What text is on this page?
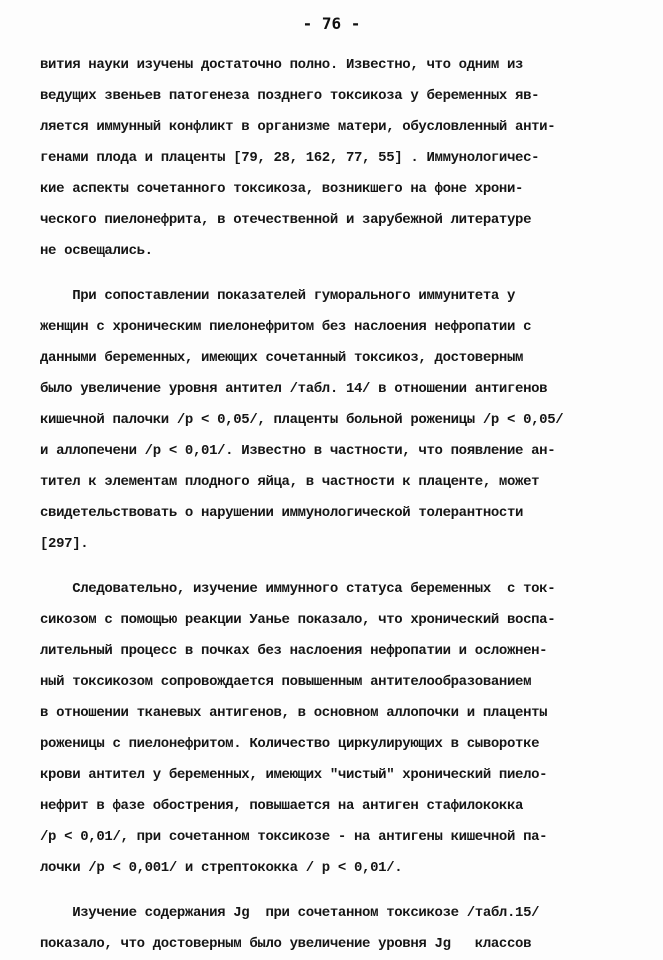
- 76 -
вития науки изучены достаточно полно. Известно, что одним из
ведущих звеньев патогенеза позднего токсикоза у беременных яв-
ляется иммунный конфликт в организме матери, обусловленный анти-
генами плода и плаценты [79, 28, 162, 77, 55] . Иммунологичес-
кие аспекты сочетанного токсикоза, возникшего на фоне хрони-
ческого пиелонефрита, в отечественной и зарубежной литературе
не освещались.
При сопоставлении показателей гуморального иммунитета у
женщин с хроническим пиелонефритом без наслоения нефропатии с
данными беременных, имеющих сочетанный токсикоз, достоверным
было увеличение уровня антител /табл. 14/ в отношении антигенов
кишечной палочки /р < 0,05/, плаценты больной роженицы /р < 0,05/
и аллопечени /р < 0,01/. Известно в частности, что появление ан-
тител к элементам плодного яйца, в частности к плаценте, может
свидетельствовать о нарушении иммунологической толерантности
[297].
Следовательно, изучение иммунного статуса беременных  с ток-
сикозом с помощью реакции Уанье показало, что хронический воспа-
лительный процесс в почках без наслоения нефропатии и осложнен-
ный токсикозом сопровождается повышенным антителообразованием
в отношении тканевых антигенов, в основном аллопочки и плаценты
роженицы с пиелонефритом. Количество циркулирующих в сыворотке
крови антител у беременных, имеющих "чистый" хронический пиело-
нефрит в фазе обострения, повышается на антиген стафилококка
/р < 0,01/, при сочетанном токсикозе - на антигены кишечной па-
лочки /р < 0,001/ и стрептококка / р < 0,01/.
Изучение содержания Jg  при сочетанном токсикозе /табл.15/
показало, что достоверным было увеличение уровня Jg   классов
